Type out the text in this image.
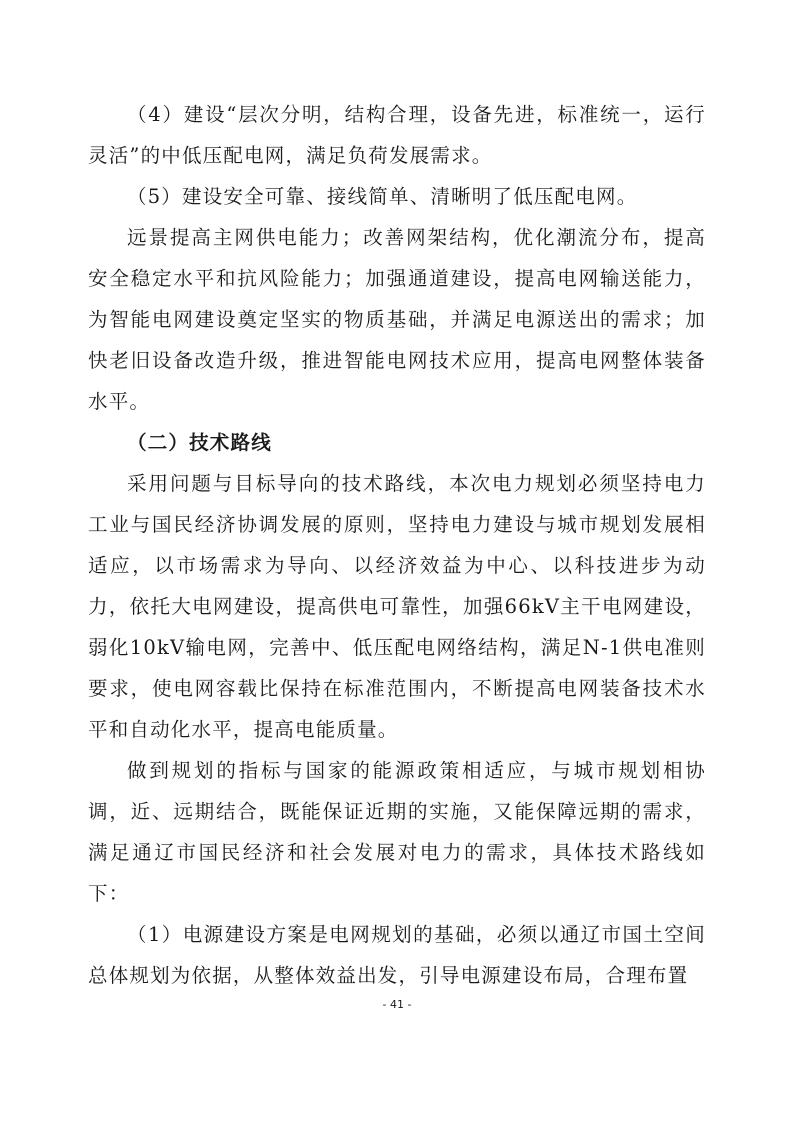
（4）建设“层次分明，结构合理，设备先进，标准统一，运行灵活”的中低压配电网，满足负荷发展需求。

（5）建设安全可靠、接线简单、清晰明了低压配电网。

远景提高主网供电能力；改善网架结构，优化潮流分布，提高安全稳定水平和抗风险能力；加强通道建设，提高电网输送能力，为智能电网建设奠定坚实的物质基础，并满足电源送出的需求；加快老旧设备改造升级，推进智能电网技术应用，提高电网整体装备水平。

（二）技术路线

采用问题与目标导向的技术路线，本次电力规划必须坚持电力工业与国民经济协调发展的原则，坚持电力建设与城市规划发展相适应，以市场需求为导向、以经济效益为中心、以科技进步为动力，依托大电网建设，提高供电可靠性，加强66kV主干电网建设，弱化10kV输电网，完善中、低压配电网络结构，满足N-1供电准则要求，使电网容载比保持在标准范围内，不断提高电网装备技术水平和自动化水平，提高电能质量。

做到规划的指标与国家的能源政策相适应，与城市规划相协调，近、远期结合，既能保证近期的实施，又能保障远期的需求，满足通辽市国民经济和社会发展对电力的需求，具体技术路线如下：

（1）电源建设方案是电网规划的基础，必须以通辽市国土空间总体规划为依据，从整体效益出发，引导电源建设布局，合理布置

- 41 -
